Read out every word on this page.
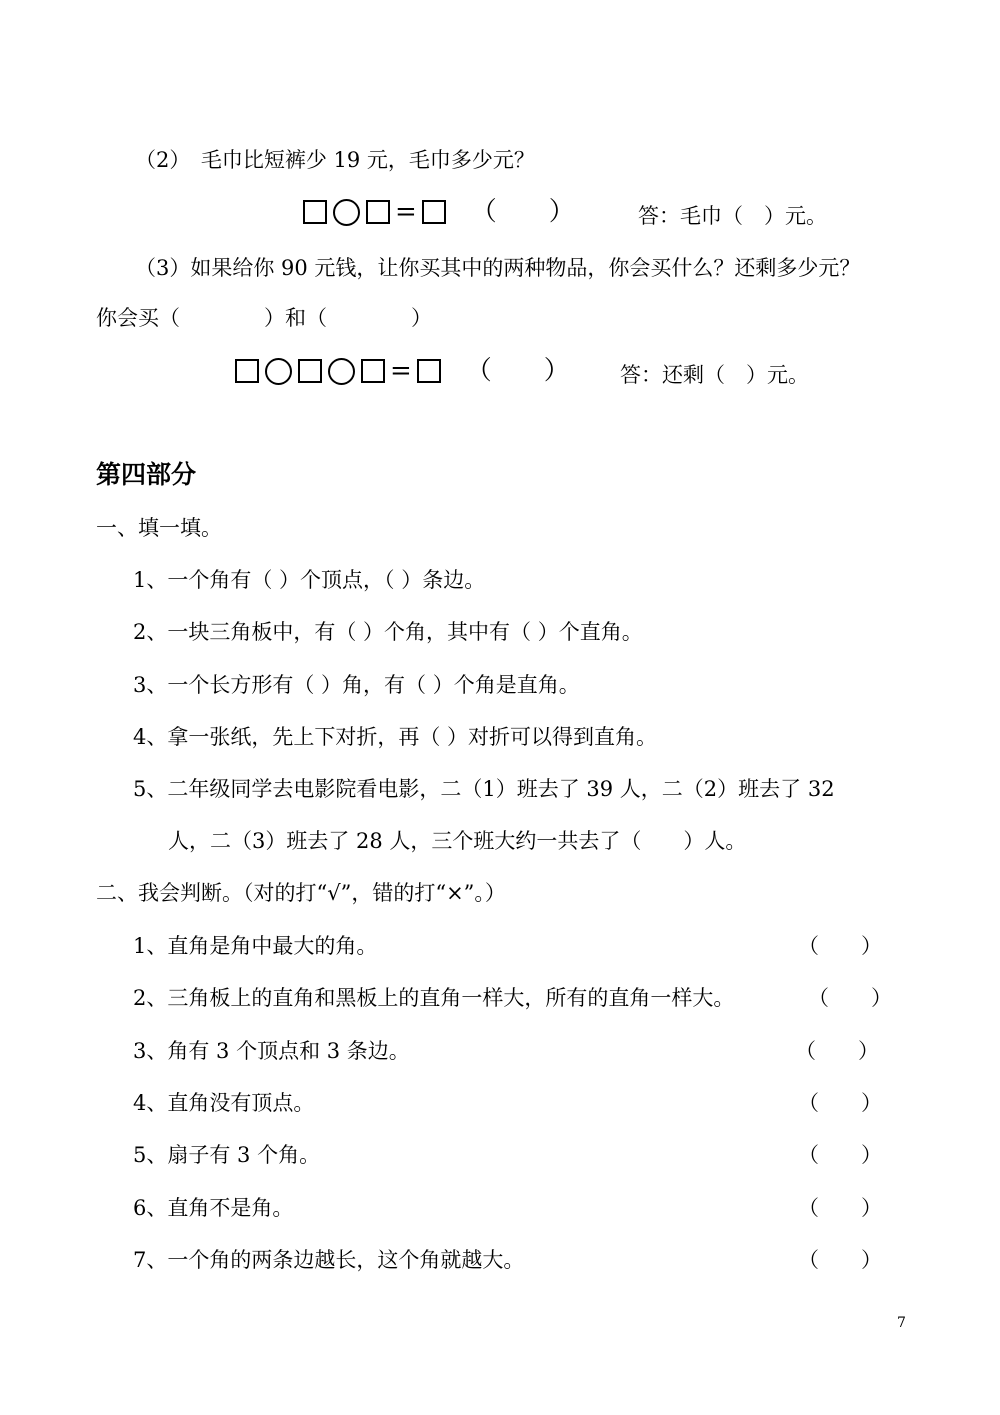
（2）　毛巾比短裤少 19 元，毛巾多少元？
= （　　）	答：毛巾（　）元。
（3）如果给你 90 元钱，让你买其中的两种物品，你会买什么？还剩多少元？
你会买（　　　　）和（　　　　）
= （　　） 答：还剩（　）元。
第四部分
一、填一填。
1、一个角有（ ）个顶点，（ ）条边。
2、一块三角板中，有（ ）个角，其中有（ ）个直角。
3、一个长方形有（ ）角，有（ ）个角是直角。
4、拿一张纸，先上下对折，再（ ）对折可以得到直角。
5、二年级同学去电影院看电影，二（1）班去了 39 人，二（2）班去了 32
人，二（3）班去了 28 人，三个班大约一共去了（　　）人。
二、我会判断。（对的打“√”，错的打“×”。）
1、直角是角中最大的角。	（　　）
2、三角板上的直角和黑板上的直角一样大，所有的直角一样大。	（　　）
3、角有 3 个顶点和 3 条边。	（　　）
4、直角没有顶点。	（　　）
5、扇子有 3 个角。	（　　）
6、直角不是角。	（　　）
7、一个角的两条边越长，这个角就越大。	（　　）
7
